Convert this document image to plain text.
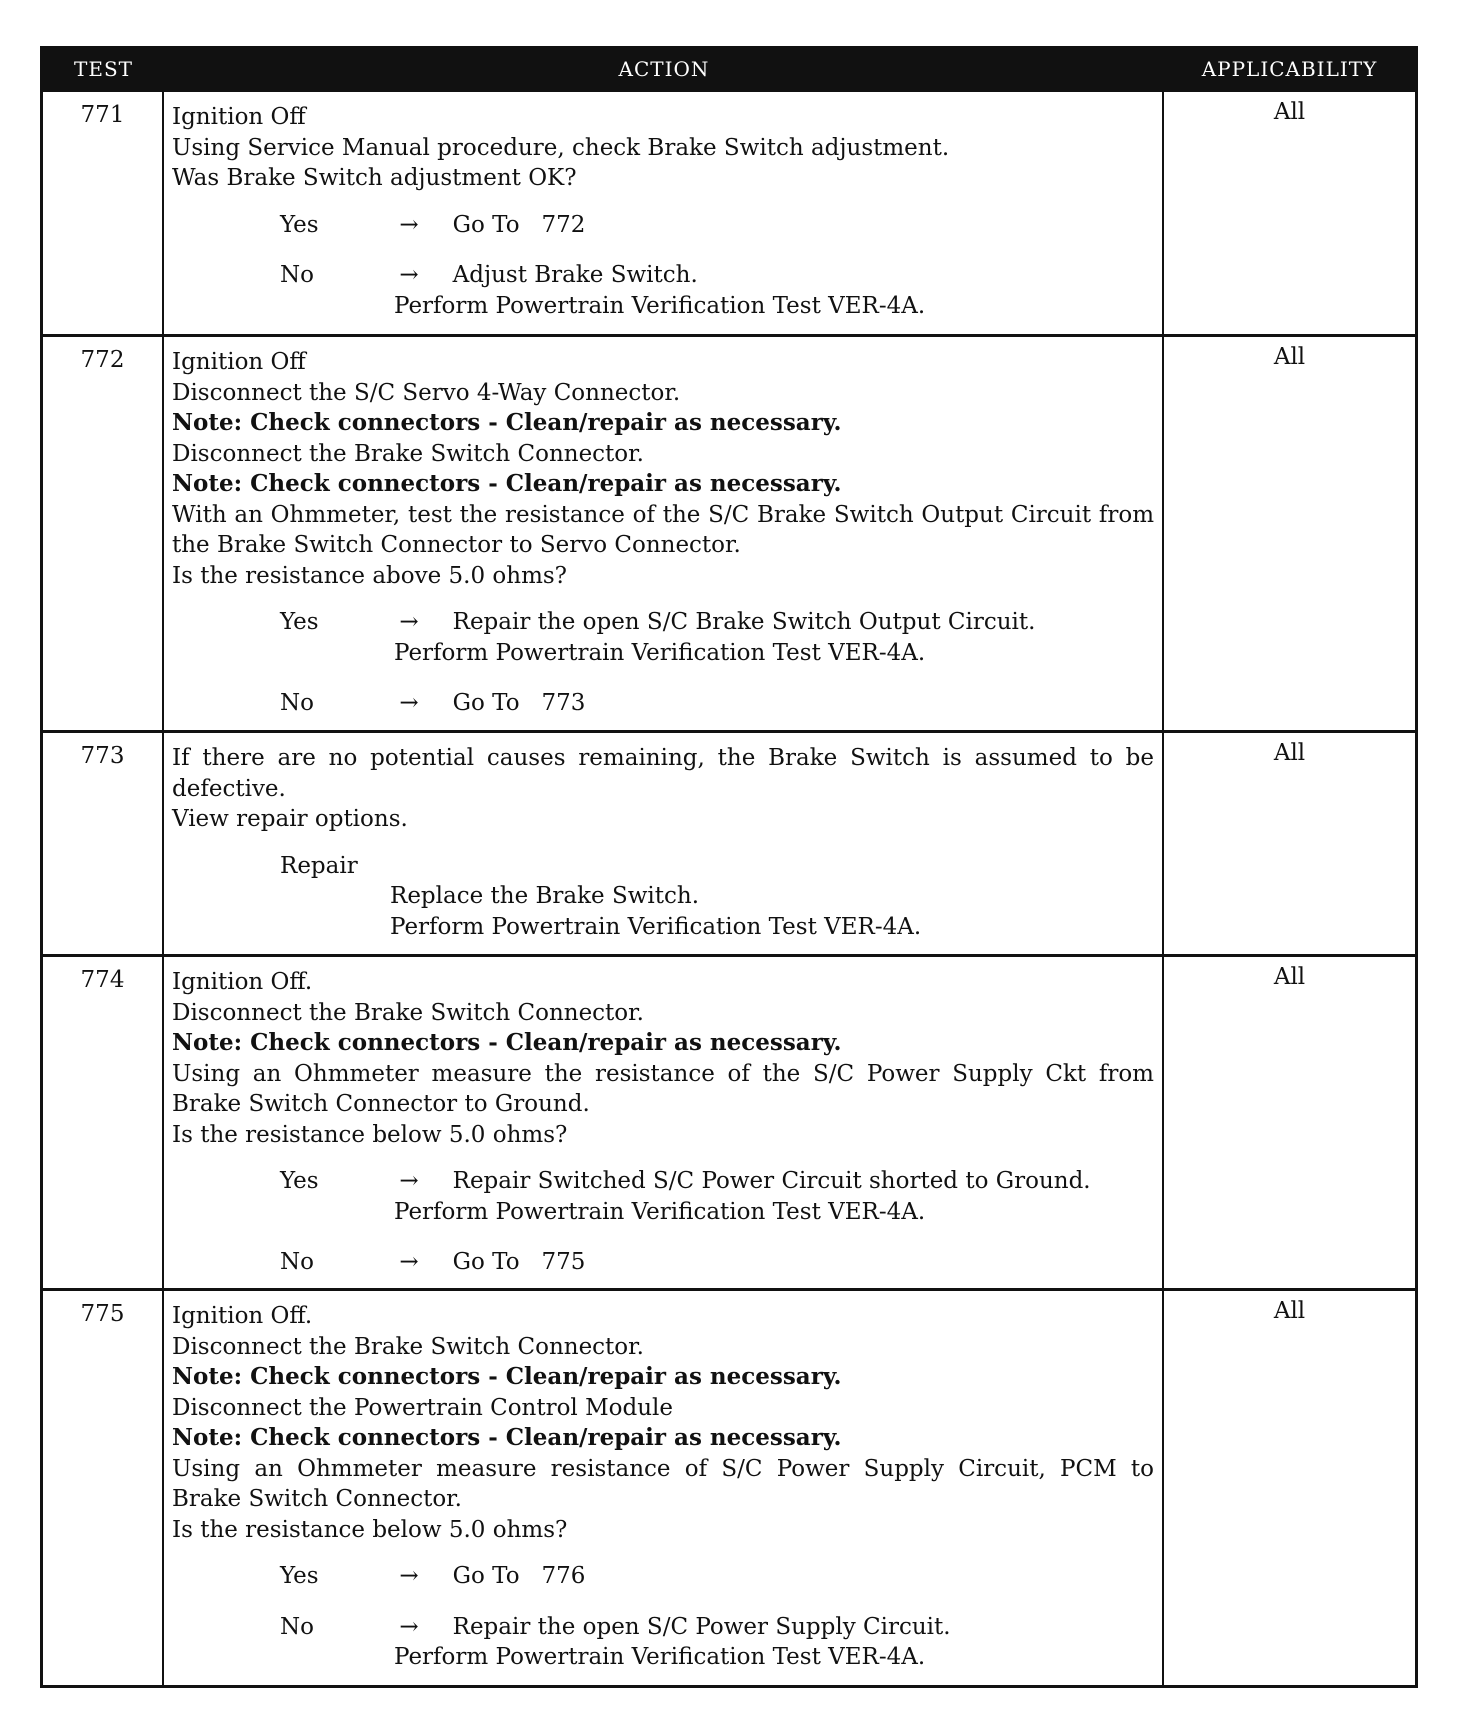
TEST	ACTION	APPLICABILITY
771	Ignition Off
Using Service Manual procedure, check Brake Switch adjustment.
Was Brake Switch adjustment OK?
Yes	→ Go To   772
No	→ Adjust Brake Switch.
Perform Powertrain Verification Test VER-4A.
All
772	Ignition Off
Disconnect the S/C Servo 4-Way Connector.
Note: Check connectors - Clean/repair as necessary.
Disconnect the Brake Switch Connector.
Note: Check connectors - Clean/repair as necessary.
With an Ohmmeter, test the resistance of the S/C Brake Switch Output Circuit from the Brake Switch Connector to Servo Connector.
Is the resistance above 5.0 ohms?
Yes	→ Repair the open S/C Brake Switch Output Circuit.
Perform Powertrain Verification Test VER-4A.
No	→ Go To   773
All
773	If there are no potential causes remaining, the Brake Switch is assumed to be defective.
View repair options.
Repair
Replace the Brake Switch.
Perform Powertrain Verification Test VER-4A.
All
774	Ignition Off.
Disconnect the Brake Switch Connector.
Note: Check connectors - Clean/repair as necessary.
Using an Ohmmeter measure the resistance of the S/C Power Supply Ckt from Brake Switch Connector to Ground.
Is the resistance below 5.0 ohms?
Yes	→ Repair Switched S/C Power Circuit shorted to Ground.
Perform Powertrain Verification Test VER-4A.
No	→ Go To   775
All
775	Ignition Off.
Disconnect the Brake Switch Connector.
Note: Check connectors - Clean/repair as necessary.
Disconnect the Powertrain Control Module
Note: Check connectors - Clean/repair as necessary.
Using an Ohmmeter measure resistance of S/C Power Supply Circuit, PCM to Brake Switch Connector.
Is the resistance below 5.0 ohms?
Yes	→ Go To   776
No	→ Repair the open S/C Power Supply Circuit.
Perform Powertrain Verification Test VER-4A.
All
